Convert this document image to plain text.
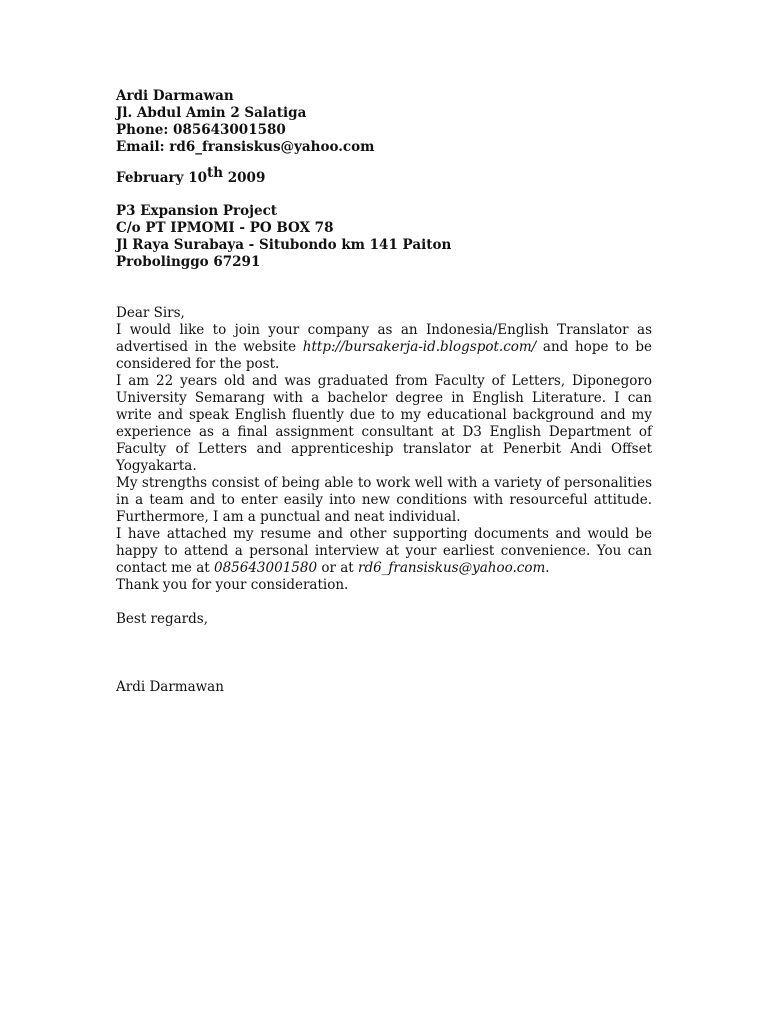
Ardi Darmawan
Jl. Abdul Amin 2 Salatiga
Phone: 085643001580
Email: rd6_fransiskus@yahoo.com
February 10th 2009
P3 Expansion Project
C/o PT IPMOMI - PO BOX 78
Jl Raya Surabaya - Situbondo km 141 Paiton
Probolinggo 67291

Dear Sirs,

I would like to join your company as an Indonesia/English Translator as advertised in the website http://bursakerja-id.blogspot.com/ and hope to be considered for the post.

I am 22 years old and was graduated from Faculty of Letters, Diponegoro University Semarang with a bachelor degree in English Literature. I can write and speak English fluently due to my educational background and my experience as a final assignment consultant at D3 English Department of Faculty of Letters and apprenticeship translator at Penerbit Andi Offset Yogyakarta.

My strengths consist of being able to work well with a variety of personalities in a team and to enter easily into new conditions with resourceful attitude. Furthermore, I am a punctual and neat individual.

I have attached my resume and other supporting documents and would be happy to attend a personal interview at your earliest convenience. You can contact me at 085643001580 or at rd6_fransiskus@yahoo.com.

Thank you for your consideration.

Best regards,
Ardi Darmawan
